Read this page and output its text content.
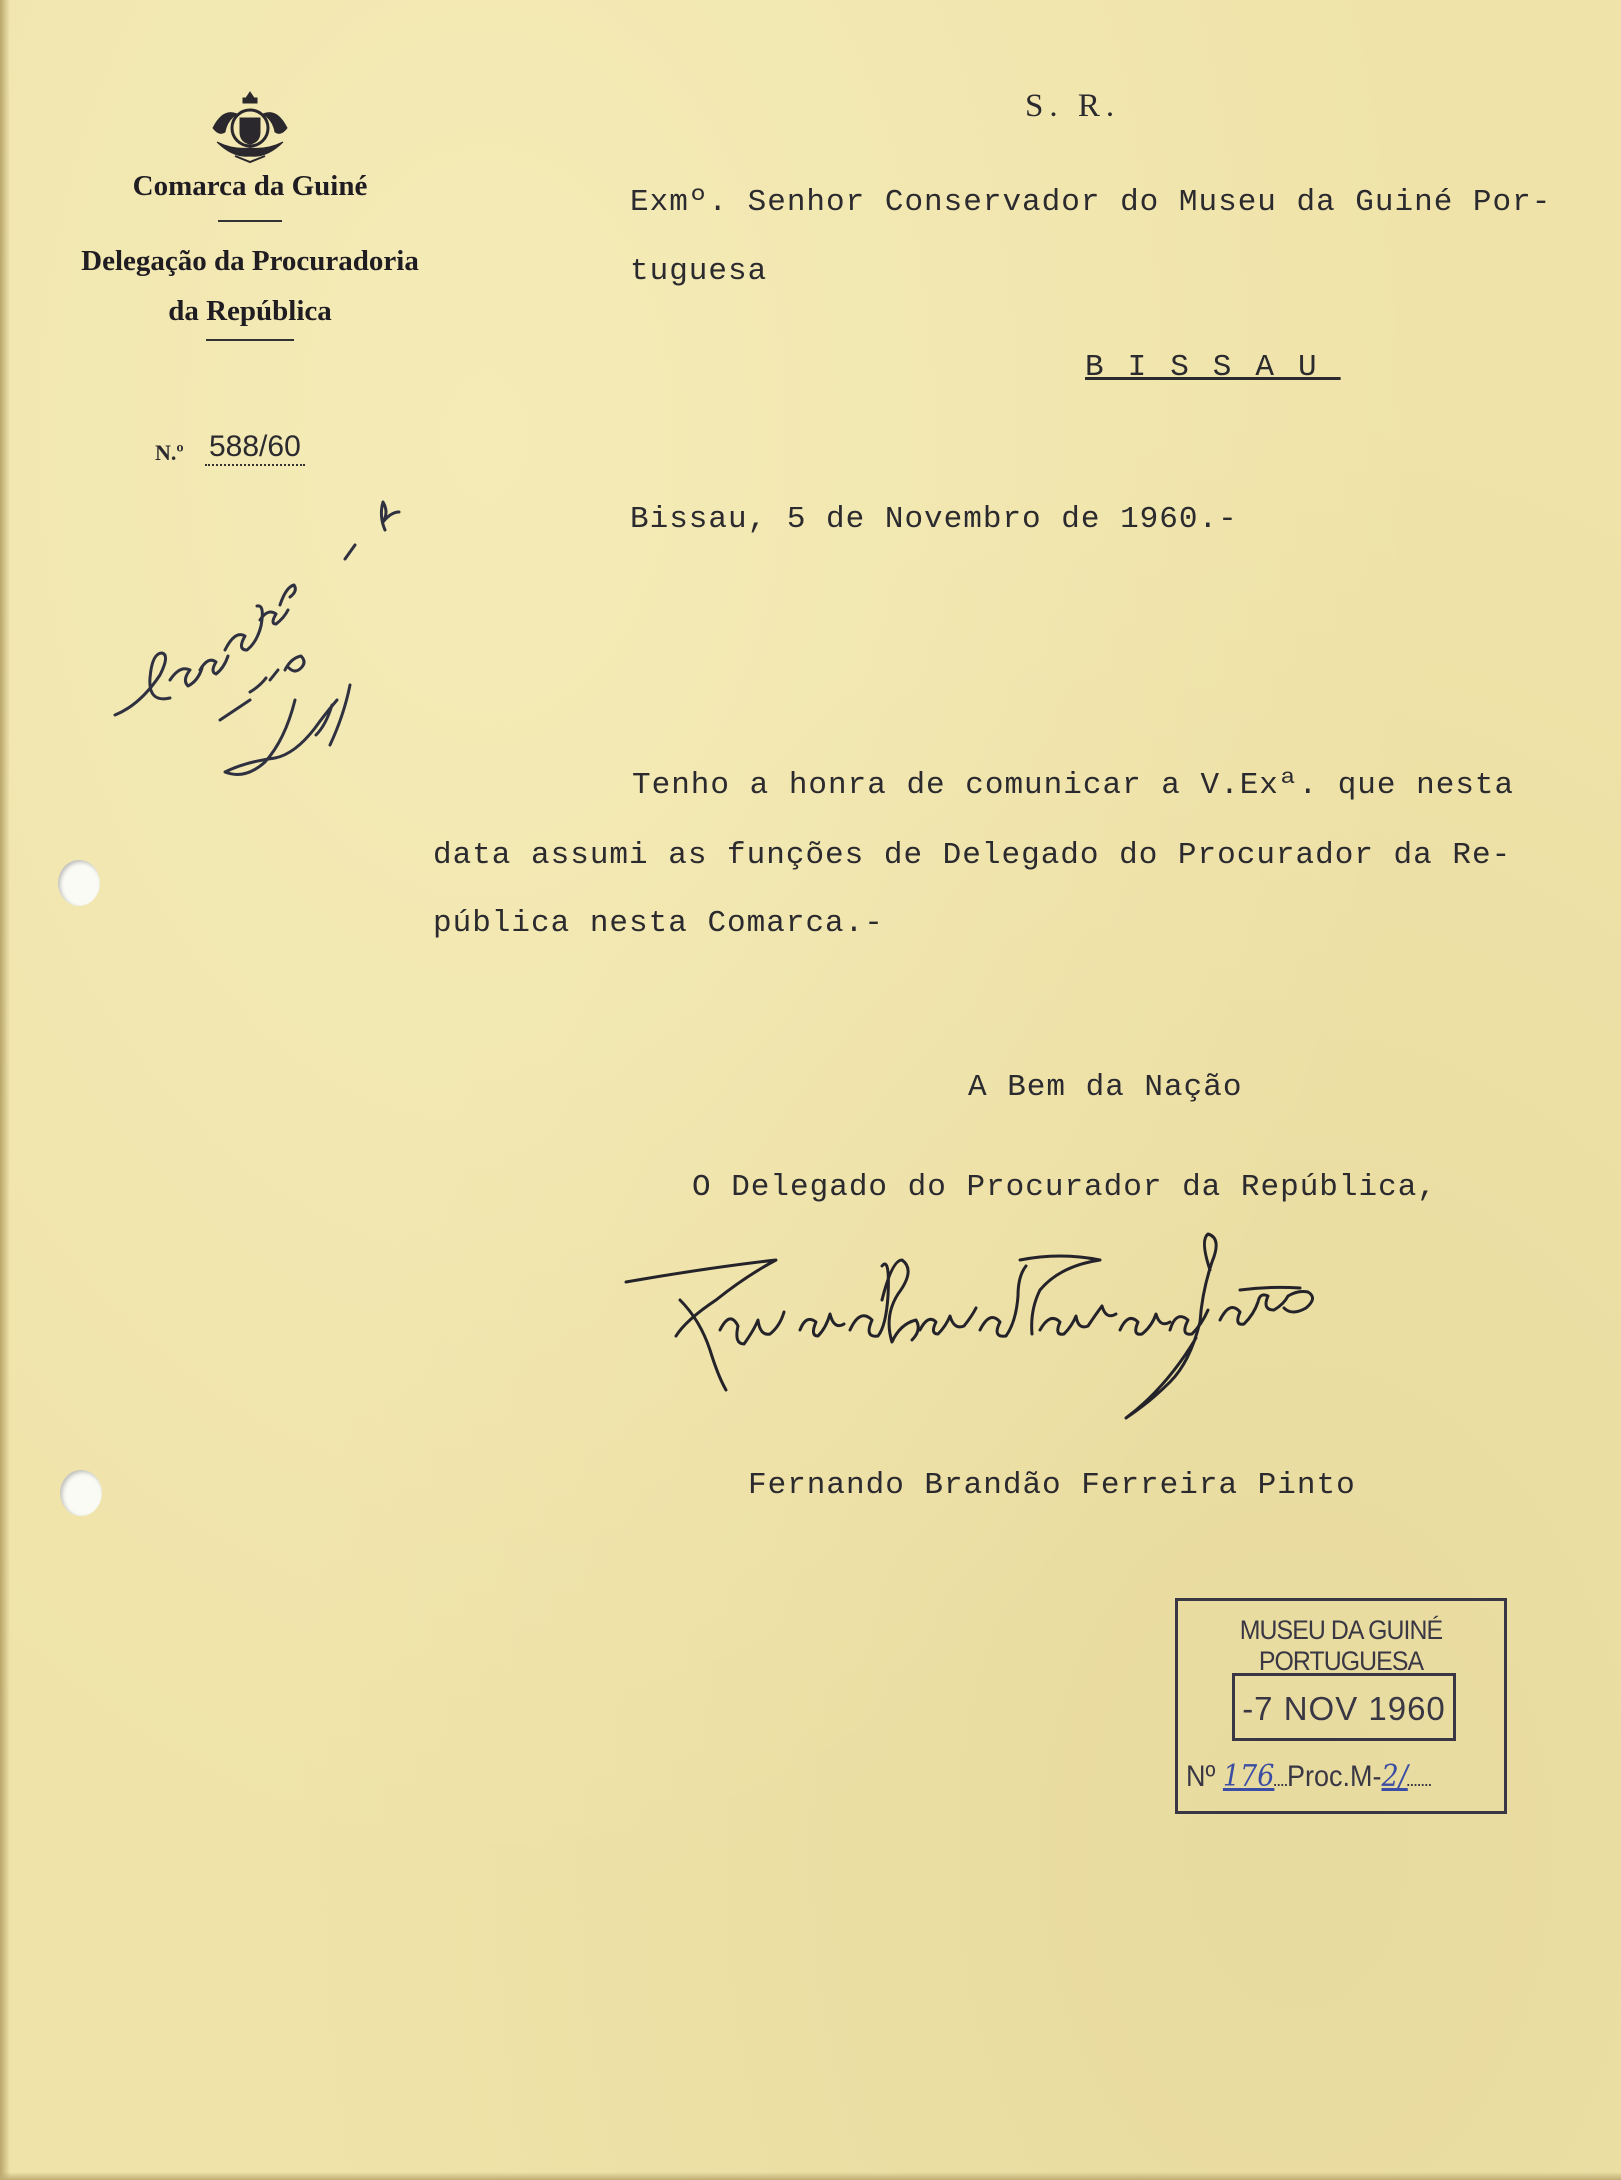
Comarca da Guiné
Delegação da Procuradoria
da República
N.º 588/60
S. R.
Exmº. Senhor Conservador do Museu da Guiné Por-
tuguesa
BISSAU
Bissau, 5 de Novembro de 1960.-
Tenho a honra de comunicar a V.Exª. que nesta
data assumi as funções de Delegado do Procurador da Re-
pública nesta Comarca.-
A Bem da Nação
O Delegado do Procurador da República,
Fernando Brandão Ferreira Pinto
MUSEU DA GUINÉ PORTUGUESA
-7 NOV 1960
Nº 176 Proc.M-2/
